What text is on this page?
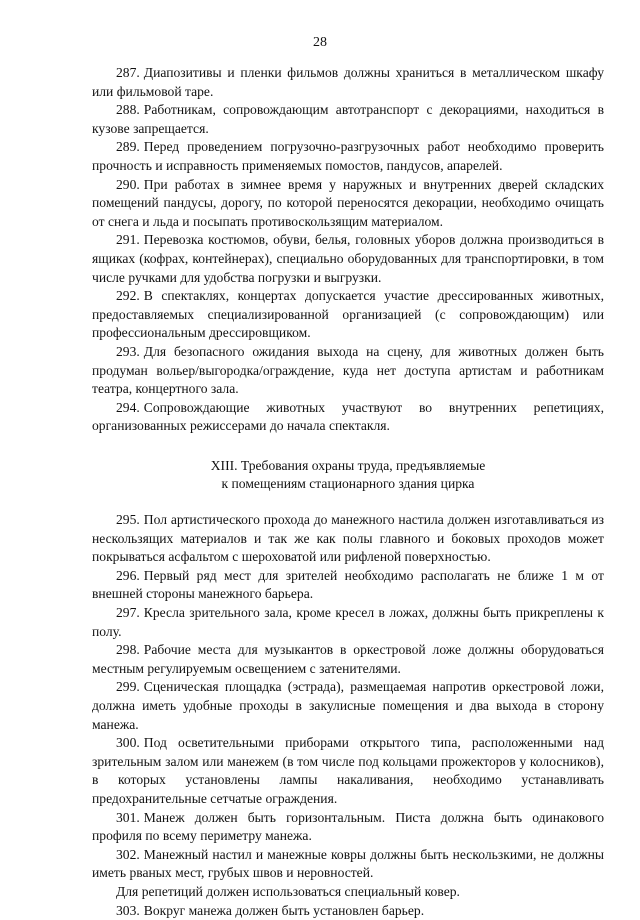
28

287. Диапозитивы и пленки фильмов должны храниться в металлическом шкафу или фильмовой таре.

288. Работникам, сопровождающим автотранспорт с декорациями, находиться в кузове запрещается.

289. Перед проведением погрузочно-разгрузочных работ необходимо проверить прочность и исправность применяемых помостов, пандусов, апарелей.

290. При работах в зимнее время у наружных и внутренних дверей складских помещений пандусы, дорогу, по которой переносятся декорации, необходимо очищать от снега и льда и посыпать противоскользящим материалом.

291. Перевозка костюмов, обуви, белья, головных уборов должна производиться в ящиках (кофрах, контейнерах), специально оборудованных для транспортировки, в том числе ручками для удобства погрузки и выгрузки.

292. В спектаклях, концертах допускается участие дрессированных животных, предоставляемых специализированной организацией (с сопровождающим) или профессиональным дрессировщиком.

293. Для безопасного ожидания выхода на сцену, для животных должен быть продуман вольер/выгородка/ограждение, куда нет доступа артистам и работникам театра, концертного зала.

294. Сопровождающие животных участвуют во внутренних репетициях, организованных режиссерами до начала спектакля.

XIII. Требования охраны труда, предъявляемые
к помещениям стационарного здания цирка

295. Пол артистического прохода до манежного настила должен изготавливаться из нескользящих материалов и так же как полы главного и боковых проходов может покрываться асфальтом с шероховатой или рифленой поверхностью.

296. Первый ряд мест для зрителей необходимо располагать не ближе 1 м от внешней стороны манежного барьера.

297. Кресла зрительного зала, кроме кресел в ложах, должны быть прикреплены к полу.

298. Рабочие места для музыкантов в оркестровой ложе должны оборудоваться местным регулируемым освещением с затенителями.

299. Сценическая площадка (эстрада), размещаемая напротив оркестровой ложи, должна иметь удобные проходы в закулисные помещения и два выхода в сторону манежа.

300. Под осветительными приборами открытого типа, расположенными над зрительным залом или манежем (в том числе под кольцами прожекторов у колосников), в которых установлены лампы накаливания, необходимо устанавливать предохранительные сетчатые ограждения.

301. Манеж должен быть горизонтальным. Писта должна быть одинакового профиля по всему периметру манежа.

302. Манежный настил и манежные ковры должны быть нескользкими, не должны иметь рваных мест, грубых швов и неровностей.

Для репетиций должен использоваться специальный ковер.

303. Вокруг манежа должен быть установлен барьер.
